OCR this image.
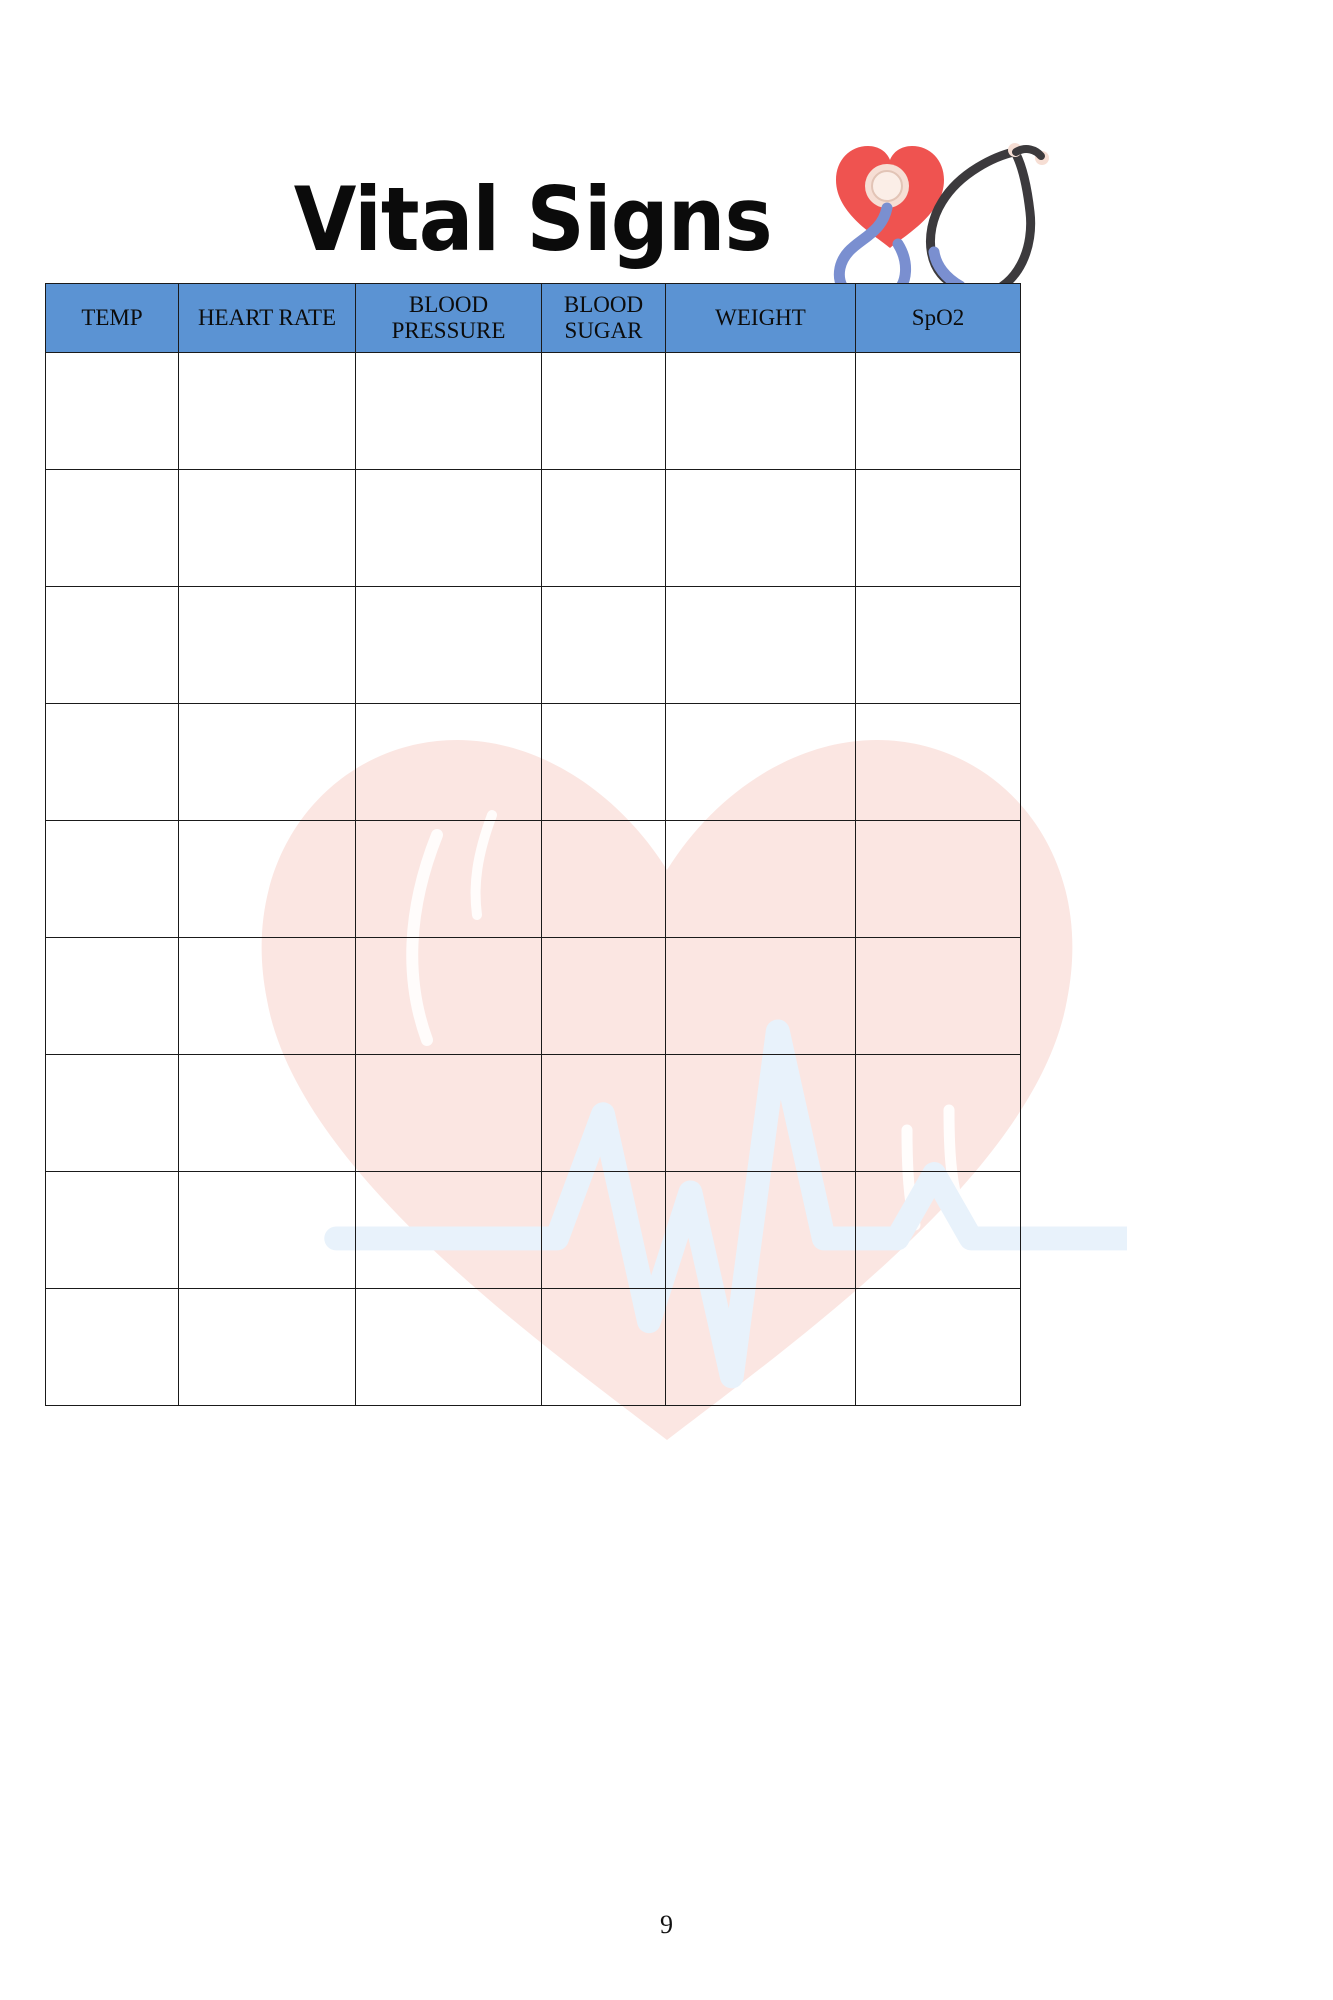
Vital Signs
TEMP	HEART RATE	BLOOD PRESSURE	BLOOD SUGAR	WEIGHT	SpO2

9
